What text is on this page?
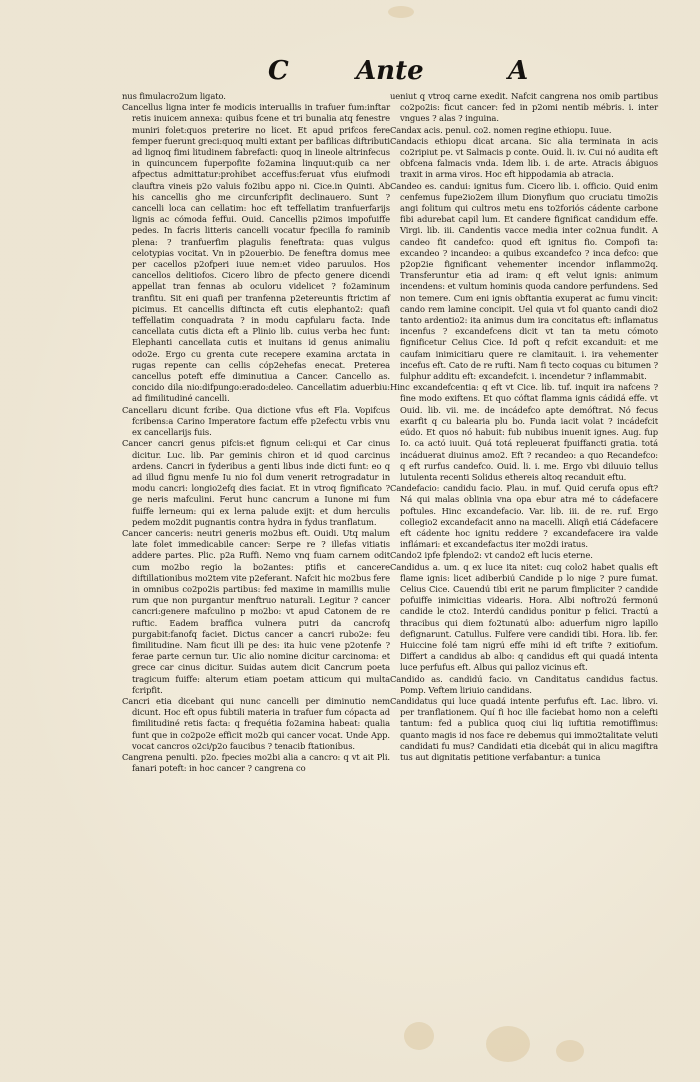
C	Ante	A

nus fimulacro2um ligato.

Cancellus ligna inter fe modicis interuallis in trafuer fum:inftar retis inuicem annexa: quibus fcene et tri bunalia atq fenestre muniri folet:quos preterire no licet. Et apud prifcos fere femper fuerunt greci:quoq multi extant per bafilicas diftributi ad lignoq fimi litudinem fabrefacti: quoq in lineole altrinfecus in quincuncem fuperpofite fo2amina linquut:quib ca ner afpectus admittatur:prohibet acceffus:feruat vfus eiufmodi clauftra vineis p2o valuis fo2ibu appo ni. Cice.in Quinti. Ab his cancellis gho me circunfcripfit declinauero. Sunt ? cancelli loca can cellatim: hoc eft teffellatim tranfuerfarijs lignis ac cómoda feffui. Ouid. Cancellis p2imos impofuiffe pedes. In facris litteris cancelli vocatur fpecilla fo raminib plena: ? tranfuerfim plagulis feneftrata: quas vulgus celotypias vocitat. Vn in p2ouerbio. De feneftra domus mee per cacellos p2ofperi iuue nem:et video paruulos. Hos cancellos delitiofos. Cicero libro de pfecto genere dicendi appellat tran fennas ab oculoru videlicet ? fo2aminum tranfitu. Sit eni quafi per tranfenna p2etereuntis ftrictim af picimus. Et cancellis diftincta eft cutis elephanto2: quafi teffellatim conquadrata ? in modu capfularu facta. Inde cancellata cutis dicta eft a Plinio lib. cuius verba hec funt: Elephanti cancellata cutis et inuitans id genus animaliu odo2e. Ergo cu grenta cute recepere examina arctata in rugas repente can cellis cóp2ehefas enecat. Preterea cancellus poteft effe diminutiua a Cancer. Cancello as. concido dila nio:difpungo:erado:deleo. Cancellatim aduerbiu: ad fimilitudiné cancelli.

Cancellaru dicunt fcribe. Qua dictione vfus eft Fla. Vopifcus fcribens:a Carino Imperatore factum effe p2efectu vrbis vnu ex cancellarijs fuis.

Cancer cancri genus pifcis:et fignum celi:qui et Car cinus dicitur. Luc. lib. Par geminis chiron et id quod carcinus ardens. Cancri in fyderibus a genti libus inde dicti funt: eo q ad illud fignu menfe Iu nio fol dum venerit retrogradatur in modu cancri: longio2efq dies faciat. Et in vtroq fignificato ? ge neris mafculini. Ferut hunc cancrum a Iunone mi fum fuiffe lerneum: qui ex lerna palude exijt: et dum herculis pedem mo2dit pugnantis contra hydra in fydus tranflatum.

Cancer canceris: neutri generis mo2bus eft. Ouidi. Utq malum late folet immedicabile cancer: Serpe re ? illefas vitiatis addere partes. Plic. p2a Ruffi. Nemo vnq fuam carnem odit cum mo2bo regio la bo2antes: ptifis et cancere diftillationibus mo2tem vite p2eferant. Nafcit hic mo2bus fere in omnibus co2po2is partibus: fed maxime in mamillis mulie rum que non purgantur menftruo naturali. Legitur ? cancer cancri:genere mafculino p mo2bo: vt apud Catonem de re ruftic. Eadem braffica vulnera putri da cancrofq purgabit:fanofq faciet. Dictus cancer a cancri rubo2e: feu fimilitudine. Nam ficut illi pe des: ita huic vene p2otenfe ? ferae parte cernun tur. Uic alio nomine dicitur carcinoma: et grece car cinus dicitur. Suidas autem dicit Cancrum poeta tragicum fuiffe: alterum etiam poetam atticum qui multa fcripfit.

Cancri etia dicebant qui nunc cancelli per diminutio nem dicunt. Hoc eft opus fubtili materia in trafuer fum cópacta ad fimilitudiné retis facta: q frequétia fo2amina habeat: qualia funt que in co2po2e efficit mo2b qui cancer vocat. Unde App. vocat cancros o2ci/p2o faucibus ? tenacib ftationibus.

Cangrena penulti. p2o. fpecies mo2bi alia a cancro: q vt ait Pli. fanari poteft: in hoc cancer ? cangrena co

ueniut q vtroq carne exedit. Nafcit cangrena nos omib partibus co2po2is: ficut cancer: fed in p2omi nentib mébris. i. inter vngues ? alas ? inguina.

Candax acis. penul. co2. nomen regine ethiopu. Iuue.

Candacis ethiopu dicat arcana. Sic alia terminata in acis co2ripiut pe. vt Salmacis p conte. Ouid. li. iv. Cui nó audita eft obfcena falmacis vnda. Idem lib. i. de arte. Atracis ábiguos traxit in arma viros. Hoc eft hippodamia ab atracia.

Candeo es. candui: ignitus fum. Cicero lib. i. officio. Quid enim cenfemus fupe2io2em illum Dionyfium quo cruciatu timo2is angi folitum qui cultros metu ens to2foriós cádente carbone fibi adurebat capil lum. Et candere fignificat candidum effe. Virgi. lib. iii. Candentis vacce media inter co2nua fundit. A candeo fit candefco: quod eft ignitus fio. Compofi ta: excandeo ? incandeo: a quibus excandefco ? inca defco: que p2op2ie fignificant vehementer incendor inflammo2q. Transferuntur etia ad iram: q eft velut ignis: animum incendens: et vultum hominis quoda candore perfundens. Sed non temere. Cum eni ignis obftantia exuperat ac fumu vincit: cando rem lamine concipit. Uel quia vt fol quanto candi dio2 tanto ardentio2: ita animus dum ira concitatus eft: inflamatus incenfus ? excandefcens dicit vt tan ta metu cómoto fignificetur Celius Cice. Id poft q refcit excanduit: et me caufam inimicitiaru quere re clamitauit. i. ira vehementer incefus eft. Cato de re rufti. Nam fi tecto coquas cu bitumen ? fulphur additu eft: excandefcit. i. incendetur ? inflammabit.

Hinc excandefcentia: q eft vt Cice. lib. tuf. inquit ira nafcens ? fine modo exiftens. Et quo cóftat flamma ignis cádidá effe. vt Ouid. lib. vii. me. de incádefco apte demóftrat. Nó fecus exarfit q cu balearia plu bo. Funda iacit volat ? incádefcit eúdo. Et quos nó habuit: fub nubibus inuenit ignes. Aug. fup Io. ca actó iuuit. Quá totá repleuerat fpuiffancti gratia. totá incáduerat diuinus amo2. Eft ? recandeo: a quo Recandefco: q eft rurfus candefco. Ouid. li. i. me. Ergo vbi diluuio tellus lutulenta recenti Solidus ethereis altoq recanduit eftu.

Candefacio: candidu facio. Plau. in muf. Quid cerufa opus eft? Ná qui malas oblinia vna opa ebur atra mé to cádefacere poftules. Hinc excandefacio. Var. lib. iii. de re. ruf. Ergo collegio2 excandefacit anno na macelli. Aliqñ etiá Cádefacere eft cádente hoc ignitu reddere ? excandefacere ira valde inflámari: et excandefactus iter mo2di iratus.

Cando2 ipfe fplendo2: vt cando2 eft lucis eterne.

Candidus a. um. q ex luce ita nitet: cuq colo2 habet qualis eft flame ignis: licet adiberbiú Candide p lo nige ? pure fumat. Celius Cice. Cauendú tibi erit ne parum fimpliciter ? candide pofuiffe inimicitias videaris. Hora. Albi noftro2ú fermonú candide le cto2. Interdú candidus ponitur p felici. Tractú a thracibus qui diem fo2tunatú albo: aduerfum nigro lapillo defignarunt. Catullus. Fulfere vere candidi tibi. Hora. lib. fer. Huiccine folé tam nigrú effe mihi id eft trifte ? exitiofum. Differt a candidus ab albo: q candidus eft qui quadá intenta luce perfufus eft. Albus qui palloz vicinus eft.

Candido as. candidú facio. vn Canditatus candidus factus. Pomp. Veftem liriuio candidans.

Candidatus qui luce quadá intente perfufus eft. Lac. libro. vi. per tranflationem. Quí fi hoc ille faciebat homo non a celefti tantum: fed a publica quoq ciui liq iuftitia remotiffimus: quanto magis id nos face re debemus qui immo2talitate veluti candidati fu mus? Candidati etia dicebát qui in alicu magiftra tus aut dignitatis petitione verfabantur: a tunica
